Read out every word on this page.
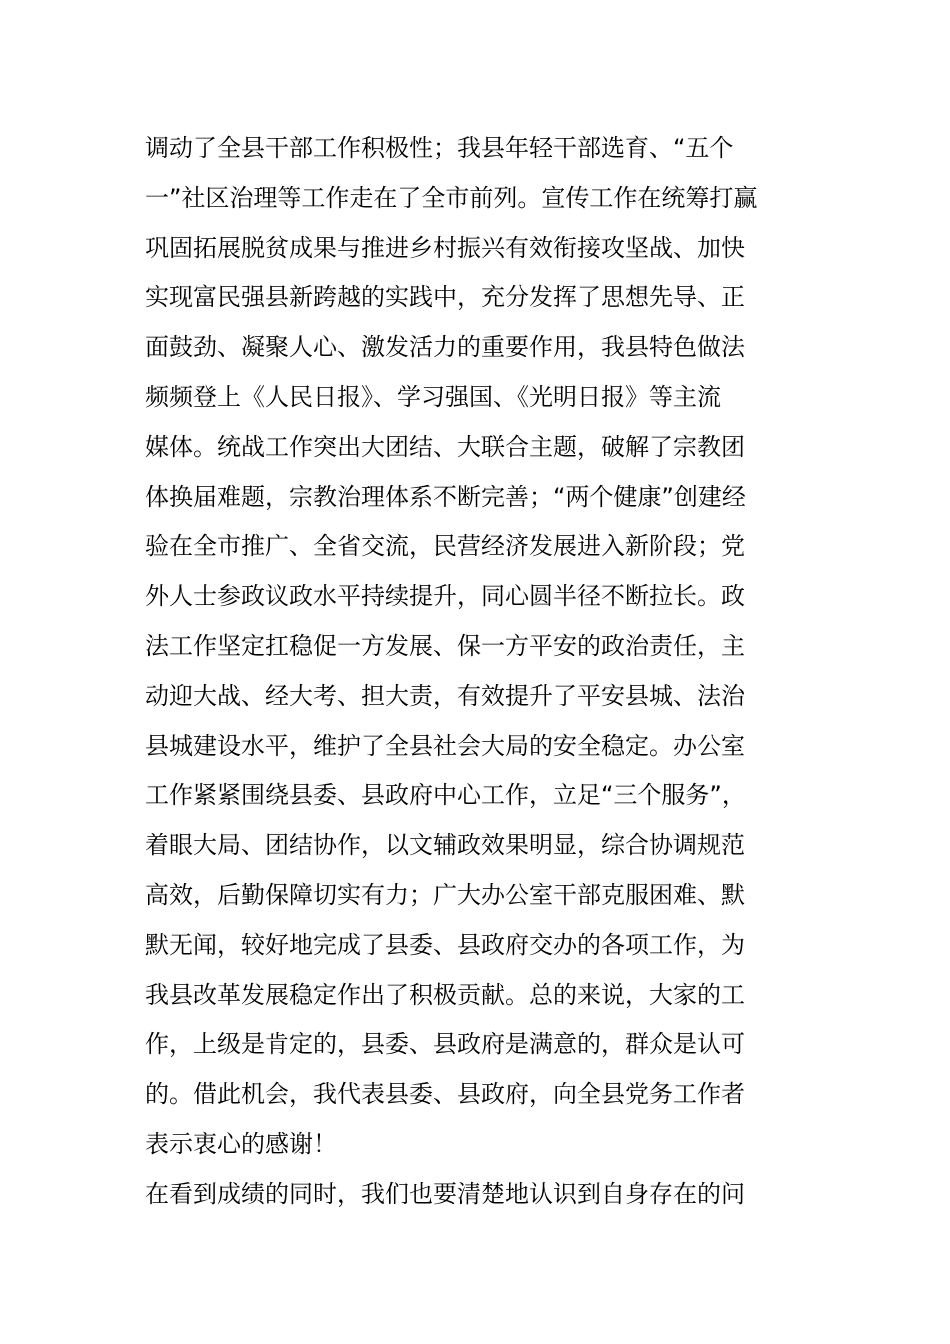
调动了全县干部工作积极性；我县年轻干部选育、“五个
一”社区治理等工作走在了全市前列。宣传工作在统筹打赢
巩固拓展脱贫成果与推进乡村振兴有效衔接攻坚战、加快
实现富民强县新跨越的实践中，充分发挥了思想先导、正
面鼓劲、凝聚人心、激发活力的重要作用，我县特色做法
频频登上《人民日报》、学习强国、《光明日报》等主流
媒体。统战工作突出大团结、大联合主题，破解了宗教团
体换届难题，宗教治理体系不断完善；“两个健康”创建经
验在全市推广、全省交流，民营经济发展进入新阶段；党
外人士参政议政水平持续提升，同心圆半径不断拉长。政
法工作坚定扛稳促一方发展、保一方平安的政治责任，主
动迎大战、经大考、担大责，有效提升了平安县城、法治
县城建设水平，维护了全县社会大局的安全稳定。办公室
工作紧紧围绕县委、县政府中心工作，立足“三个服务”，
着眼大局、团结协作，以文辅政效果明显，综合协调规范
高效，后勤保障切实有力；广大办公室干部克服困难、默
默无闻，较好地完成了县委、县政府交办的各项工作，为
我县改革发展稳定作出了积极贡献。总的来说，大家的工
作，上级是肯定的，县委、县政府是满意的，群众是认可
的。借此机会，我代表县委、县政府，向全县党务工作者
表示衷心的感谢！
在看到成绩的同时，我们也要清楚地认识到自身存在的问
